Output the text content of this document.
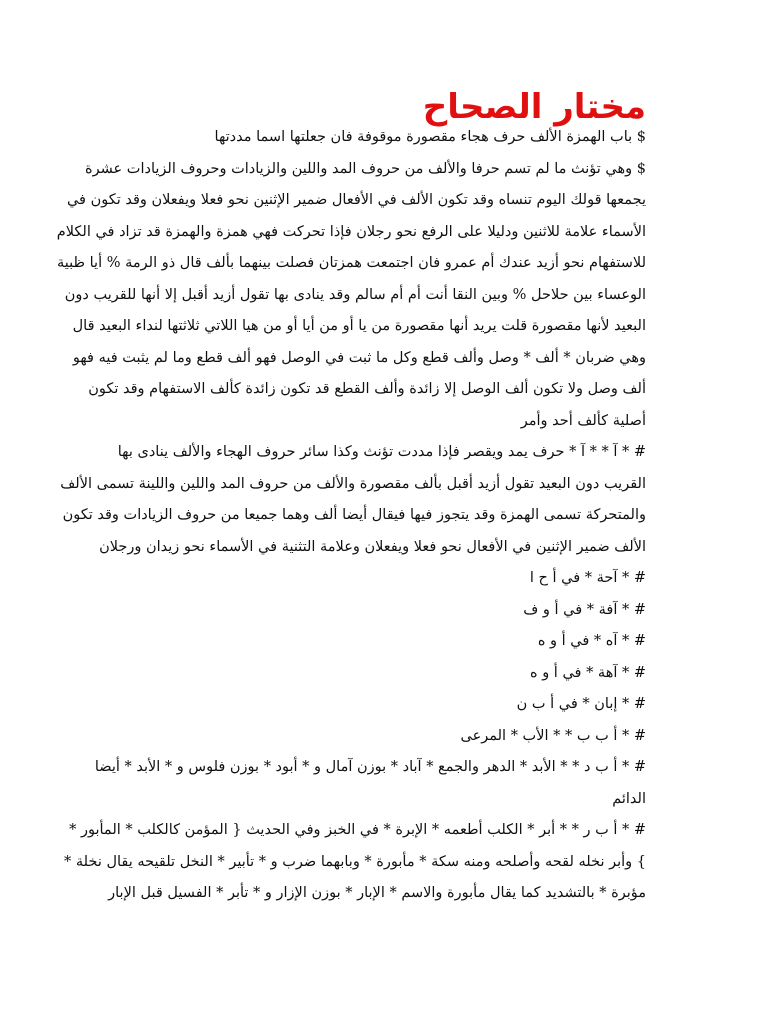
مختار الصحاح
$ باب الهمزة الألف حرف هجاء مقصورة موقوفة فان جعلتها اسما مددتها
$ وهي تؤنث ما لم تسم حرفا والألف من حروف المد واللين والزيادات وحروف الزيادات عشرة
يجمعها قولك اليوم تنساه وقد تكون الألف في الأفعال ضمير الإثنين نحو فعلا ويفعلان وقد تكون في
الأسماء علامة للاثنين ودليلا على الرفع نحو رجلان فإذا تحركت فهي همزة والهمزة قد تزاد في الكلام
للاستفهام نحو أزيد عندك أم عمرو فان اجتمعت همزتان فصلت بينهما بألف قال ذو الرمة % أيا ظبية
الوعساء بين حلاحل % وبين النقا أنت أم أم سالم وقد ينادى بها تقول أزيد أقبل إلا أنها للقريب دون
البعيد لأنها مقصورة قلت يريد أنها مقصورة من يا أو من أيا أو من هيا اللاتي ثلاثتها لنداء البعيد قال
وهي ضربان * ألف * وصل وألف قطع وكل ما ثبت في الوصل فهو ألف قطع وما لم يثبت فيه فهو
ألف وصل ولا تكون ألف الوصل إلا زائدة وألف القطع قد تكون زائدة كألف الاستفهام وقد تكون
أصلية كألف أحد وأمر
# * آ * * آ * حرف يمد ويقصر فإذا مددت تؤنث وكذا سائر حروف الهجاء والألف ينادى بها
القريب دون البعيد تقول أزيد أقبل بألف مقصورة والألف من حروف المد واللين واللينة تسمى الألف
والمتحركة تسمى الهمزة وقد يتجوز فيها فيقال أيضا ألف وهما جميعا من حروف الزيادات وقد تكون
الألف ضمير الإثنين في الأفعال نحو فعلا ويفعلان وعلامة التثنية في الأسماء نحو زيدان ورجلان
# * آحة * في أ ح ا
# * آفة * في أ و ف
# * آه * في أ و ه
# * آهة * في أ و ه
# * إبان * في أ ب ن
# * أ ب ب * * الأب * المرعى
# * أ ب د * * الأبد * الدهر والجمع * آباد * بوزن آمال و * أبود * بوزن فلوس و * الأبد * أيضا
الدائم
# * أ ب ر * * أبر * الكلب أطعمه * الإبرة * في الخبز وفي الحديث { المؤمن كالكلب * المأبور *
} وأبر نخله لقحه وأصلحه ومنه سكة * مأبورة * وبابهما ضرب و * تأبير * النخل تلقيحه يقال نخلة *
مؤبرة * بالتشديد كما يقال مأبورة والاسم * الإبار * بوزن الإزار و * تأبر * الفسيل قبل الإبار
